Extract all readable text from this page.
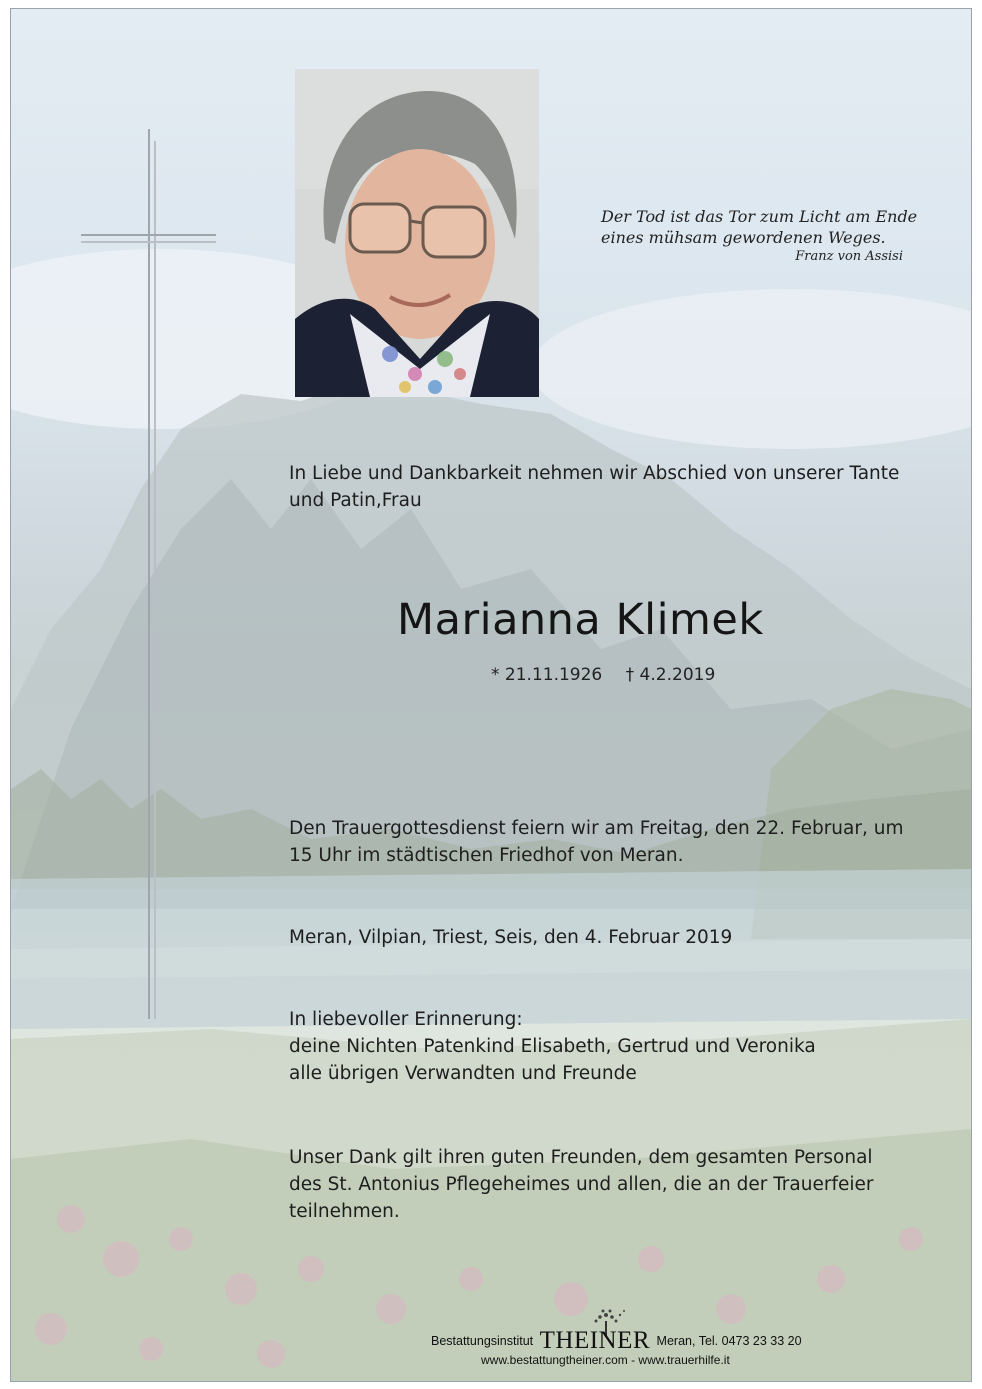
Der Tod ist das Tor zum Licht am Ende
eines mühsam gewordenen Weges.
Franz von Assisi
In Liebe und Dankbarkeit nehmen wir Abschied von unserer Tante
und Patin,Frau
Marianna Klimek
* 21.11.1926 † 4.2.2019
Den Trauergottesdienst feiern wir am Freitag, den 22. Februar, um
15 Uhr im städtischen Friedhof von Meran.
Meran, Vilpian, Triest, Seis, den 4. Februar 2019
In liebevoller Erinnerung:
deine Nichten Patenkind Elisabeth, Gertrud und Veronika
alle übrigen Verwandten und Freunde
Unser Dank gilt ihren guten Freunden, dem gesamten Personal
des St. Antonius Pflegeheimes und allen, die an der Trauerfeier
teilnehmen.
Bestattungsinstitut THEINER Meran, Tel. 0473 23 33 20
www.bestattungtheiner.com - www.trauerhilfe.it
